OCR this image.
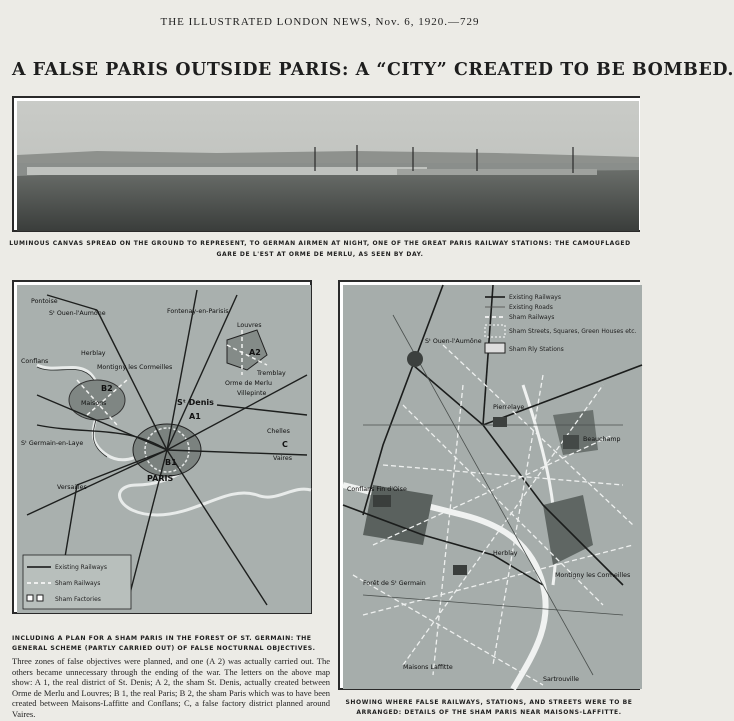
THE ILLUSTRATED LONDON NEWS, Nov. 6, 1920.—729
A FALSE PARIS OUTSIDE PARIS: A “CITY” CREATED TO BE BOMBED.
LUMINOUS CANVAS SPREAD ON THE GROUND TO REPRESENT, TO GERMAN AIRMEN AT NIGHT, ONE OF THE GREAT PARIS RAILWAY STATIONS: THE CAMOUFLAGED
GARE DE L'EST AT ORME DE MERLU, AS SEEN BY DAY.
Pontoise
Sᵗ Ouen-l'Aumône	Fontenay-en-Parisis
Louvres
Conflans
Herblay
Montigny les Cormeilles
Maisons
Tremblay
Orme de Merlu
Villepinte
Sᵗ Denis
Sᵗ Germain-en-Laye
PARIS
Versailles
Chelles
Vaires
A1
A2
B1
B2
C
Existing Railways
Sham Railways
Sham Factories
Existing Railways
Existing Roads
Sham Railways
Sham Streets, Squares, Green Houses etc.
Sham Rly Stations
Sᵗ Ouen-l'Aumône
Pierrelaye
Beauchamp
Conflans Fin d'Oise
Herblay
Montigny les Cormeilles
Maisons Laffitte
Sartrouville
Forêt de Sᵗ Germain
INCLUDING A PLAN FOR A SHAM PARIS IN THE FOREST OF ST. GERMAIN: THE GENERAL SCHEME (PARTLY CARRIED OUT) OF FALSE NOCTURNAL OBJECTIVES.
Three zones of false objectives were planned, and one (A 2) was actually carried out. The others became unnecessary through the ending of the war. The letters on the above map show: A 1, the real district of St. Denis; A 2, the sham St. Denis, actually created between Orme de Merlu and Louvres; B 1, the real Paris; B 2, the sham Paris which was to have been created between Maisons-Laffitte and Conflans; C, a false factory district planned around Vaires.
SHOWING WHERE FALSE RAILWAYS, STATIONS, AND STREETS WERE TO BE ARRANGED: DETAILS OF THE SHAM PARIS NEAR MAISONS-LAFFITTE.
